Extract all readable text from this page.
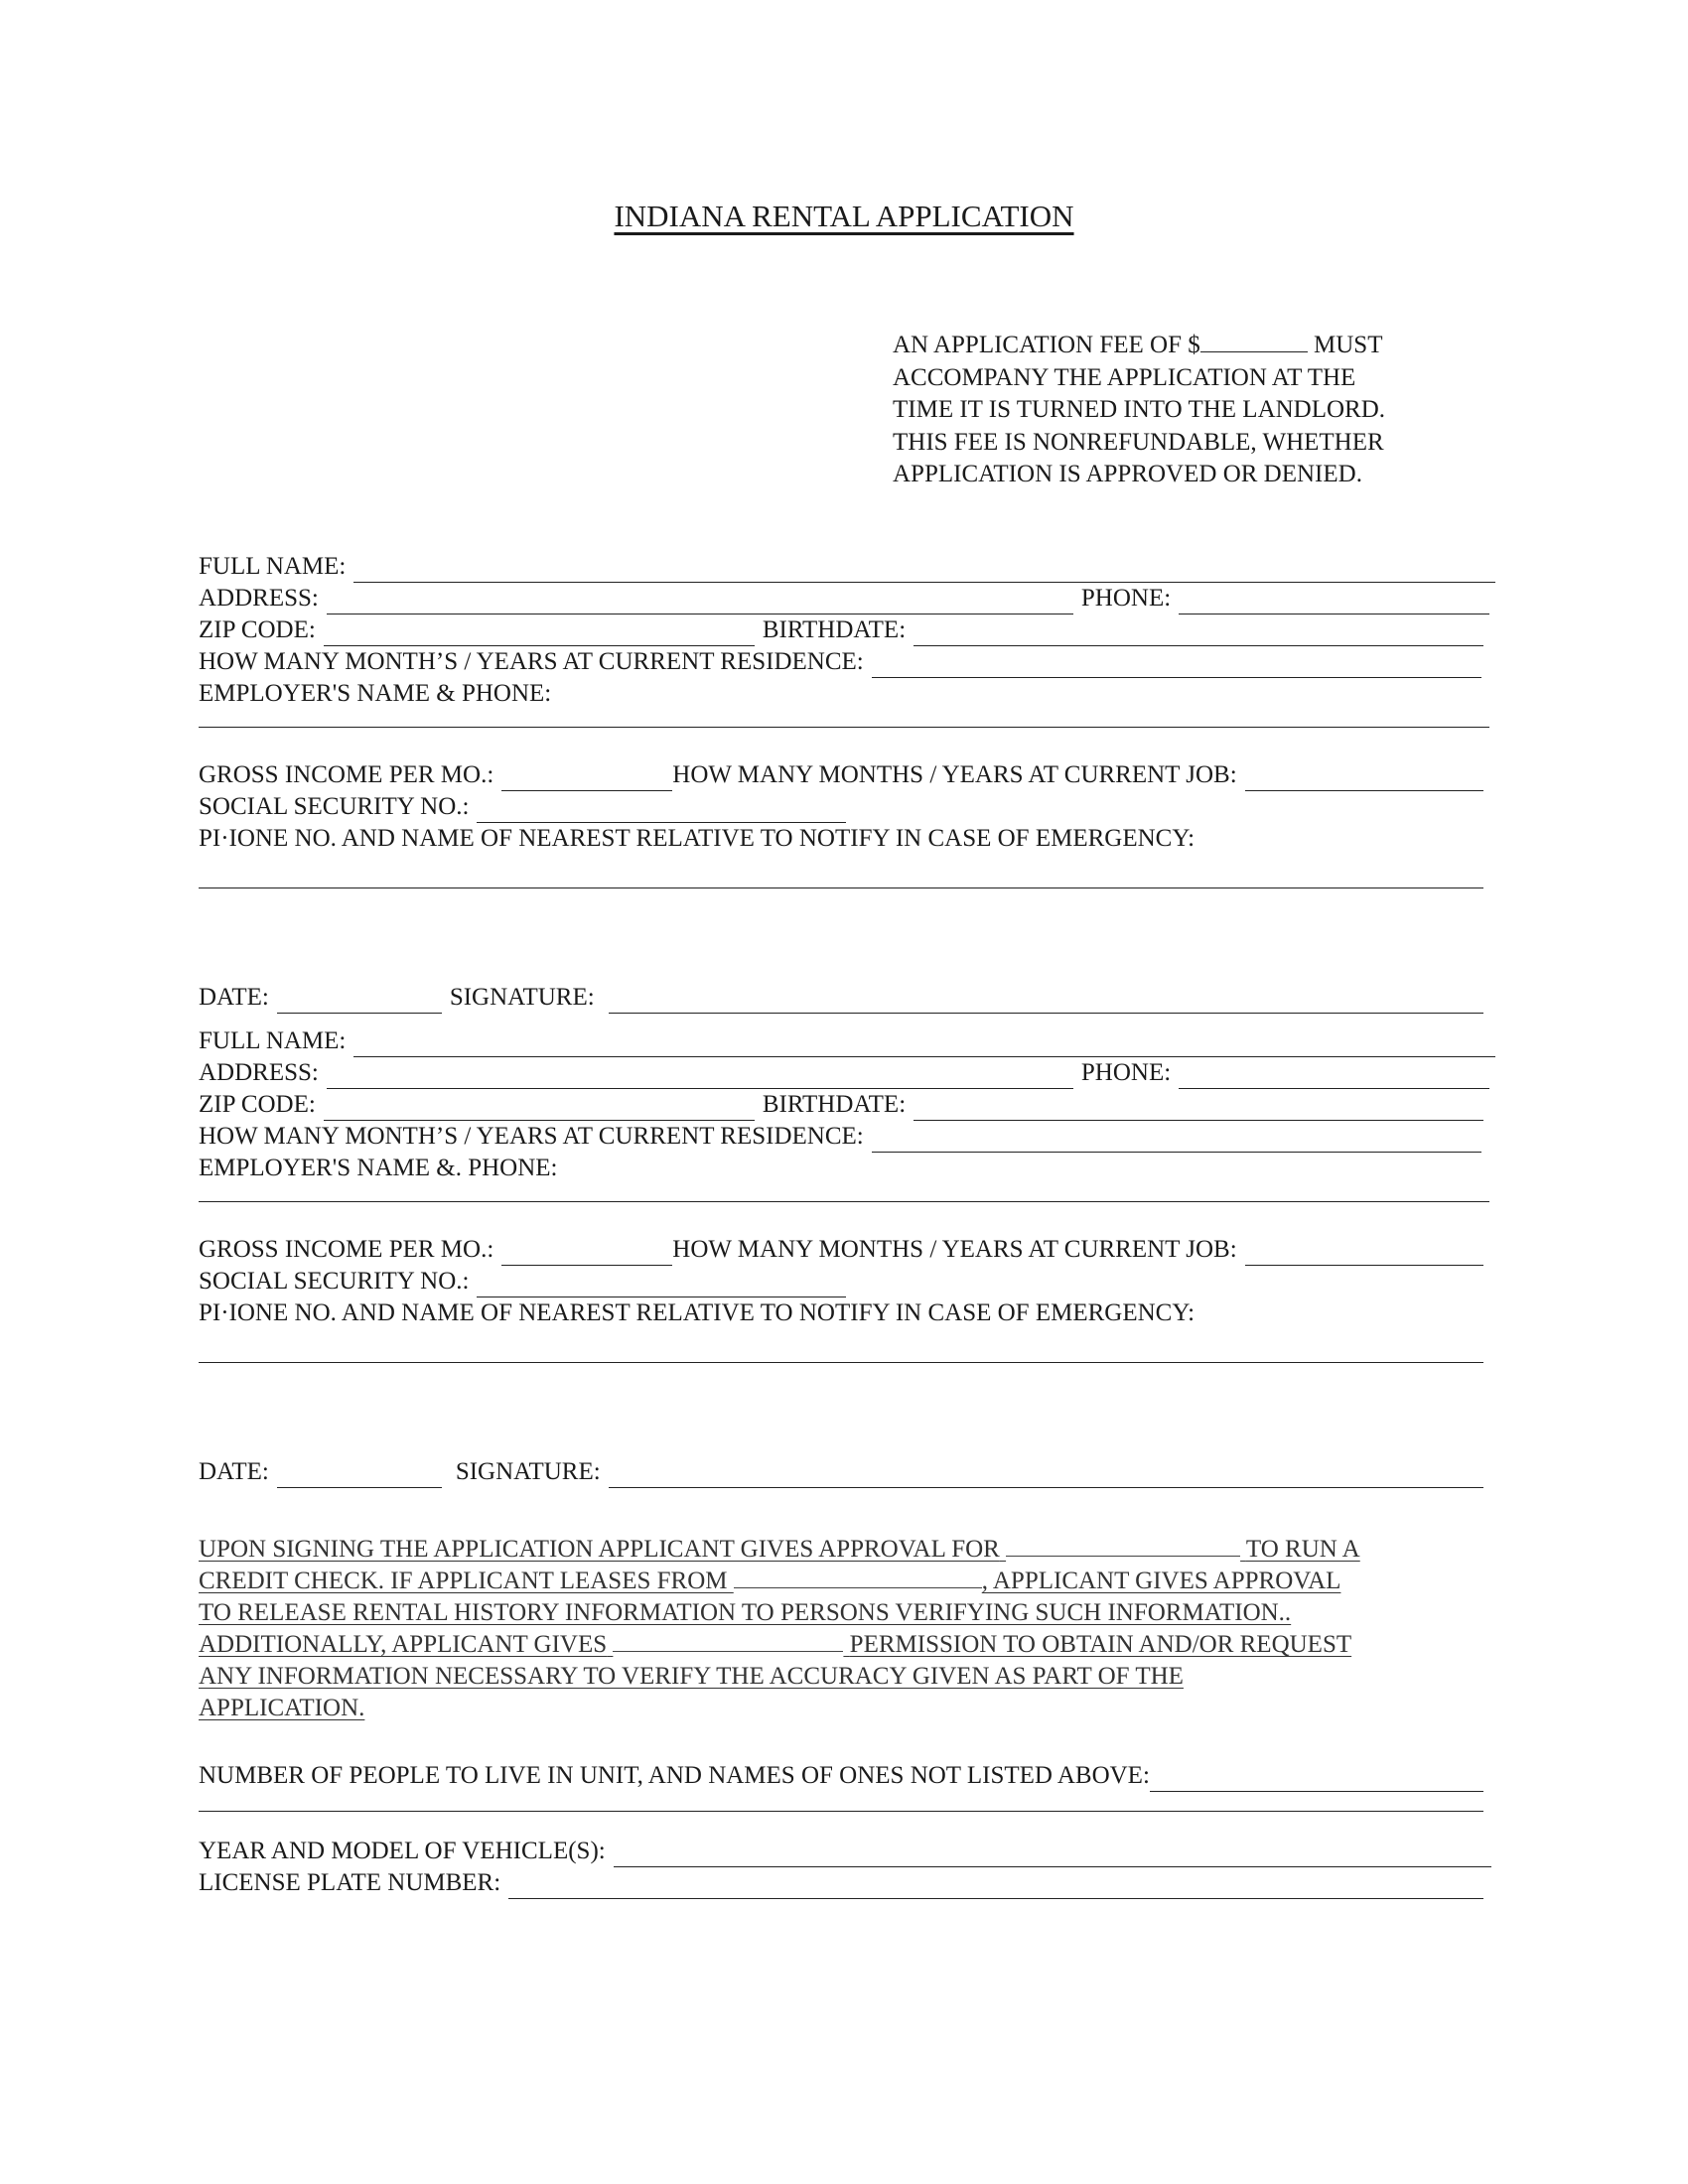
INDIANA RENTAL APPLICATION
AN APPLICATION FEE OF $	MUST
ACCOMPANY THE APPLICATION AT THE
TIME IT IS TURNED INTO THE LANDLORD.
THIS FEE IS NONREFUNDABLE, WHETHER
APPLICATION IS APPROVED OR DENIED.
FULL NAME:
ADDRESS:	PHONE:
ZIP CODE:	BIRTHDATE:
HOW MANY MONTH’S / YEARS AT CURRENT RESIDENCE:
EMPLOYER'S NAME & PHONE:
GROSS INCOME PER MO.:	HOW MANY MONTHS / YEARS AT CURRENT JOB:
SOCIAL SECURITY NO.:
PI·IONE NO. AND NAME OF NEAREST RELATIVE TO NOTIFY IN CASE OF EMERGENCY:
DATE:	SIGNATURE:
FULL NAME:
ADDRESS:	PHONE:
ZIP CODE:	BIRTHDATE:
HOW MANY MONTH’S / YEARS AT CURRENT RESIDENCE:
EMPLOYER'S NAME &. PHONE:
GROSS INCOME PER MO.:	HOW MANY MONTHS / YEARS AT CURRENT JOB:
SOCIAL SECURITY NO.:
PI·IONE NO. AND NAME OF NEAREST RELATIVE TO NOTIFY IN CASE OF EMERGENCY:
DATE:	SIGNATURE:
UPON SIGNING THE APPLICATION APPLICANT GIVES APPROVAL FOR	TO RUN A
CREDIT CHECK. IF APPLICANT LEASES FROM	, APPLICANT GIVES APPROVAL
TO RELEASE RENTAL HISTORY INFORMATION TO PERSONS VERIFYING SUCH INFORMATION..
ADDITIONALLY, APPLICANT GIVES	PERMISSION TO OBTAIN AND/OR REQUEST
ANY INFORMATION NECESSARY TO VERIFY THE ACCURACY GIVEN AS PART OF THE
APPLICATION.
NUMBER OF PEOPLE TO LIVE IN UNIT, AND NAMES OF ONES NOT LISTED ABOVE:
YEAR AND MODEL OF VEHICLE(S):
LICENSE PLATE NUMBER:
